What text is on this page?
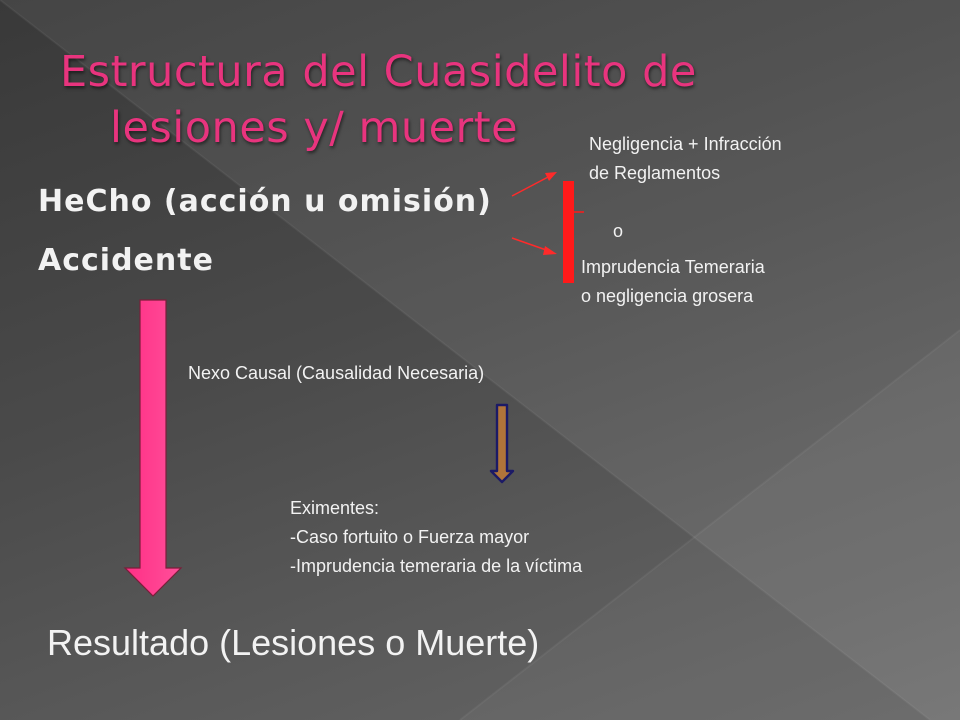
Estructura del Cuasidelito de
lesiones y/ muerte
HeCho (acción u omisión)
Accidente
Negligencia + Infracción
de Reglamentos
o
Imprudencia Temeraria
o negligencia grosera
Nexo Causal (Causalidad Necesaria)
Eximentes:
-Caso fortuito o Fuerza mayor
-Imprudencia temeraria de la víctima
Resultado (Lesiones o Muerte)
